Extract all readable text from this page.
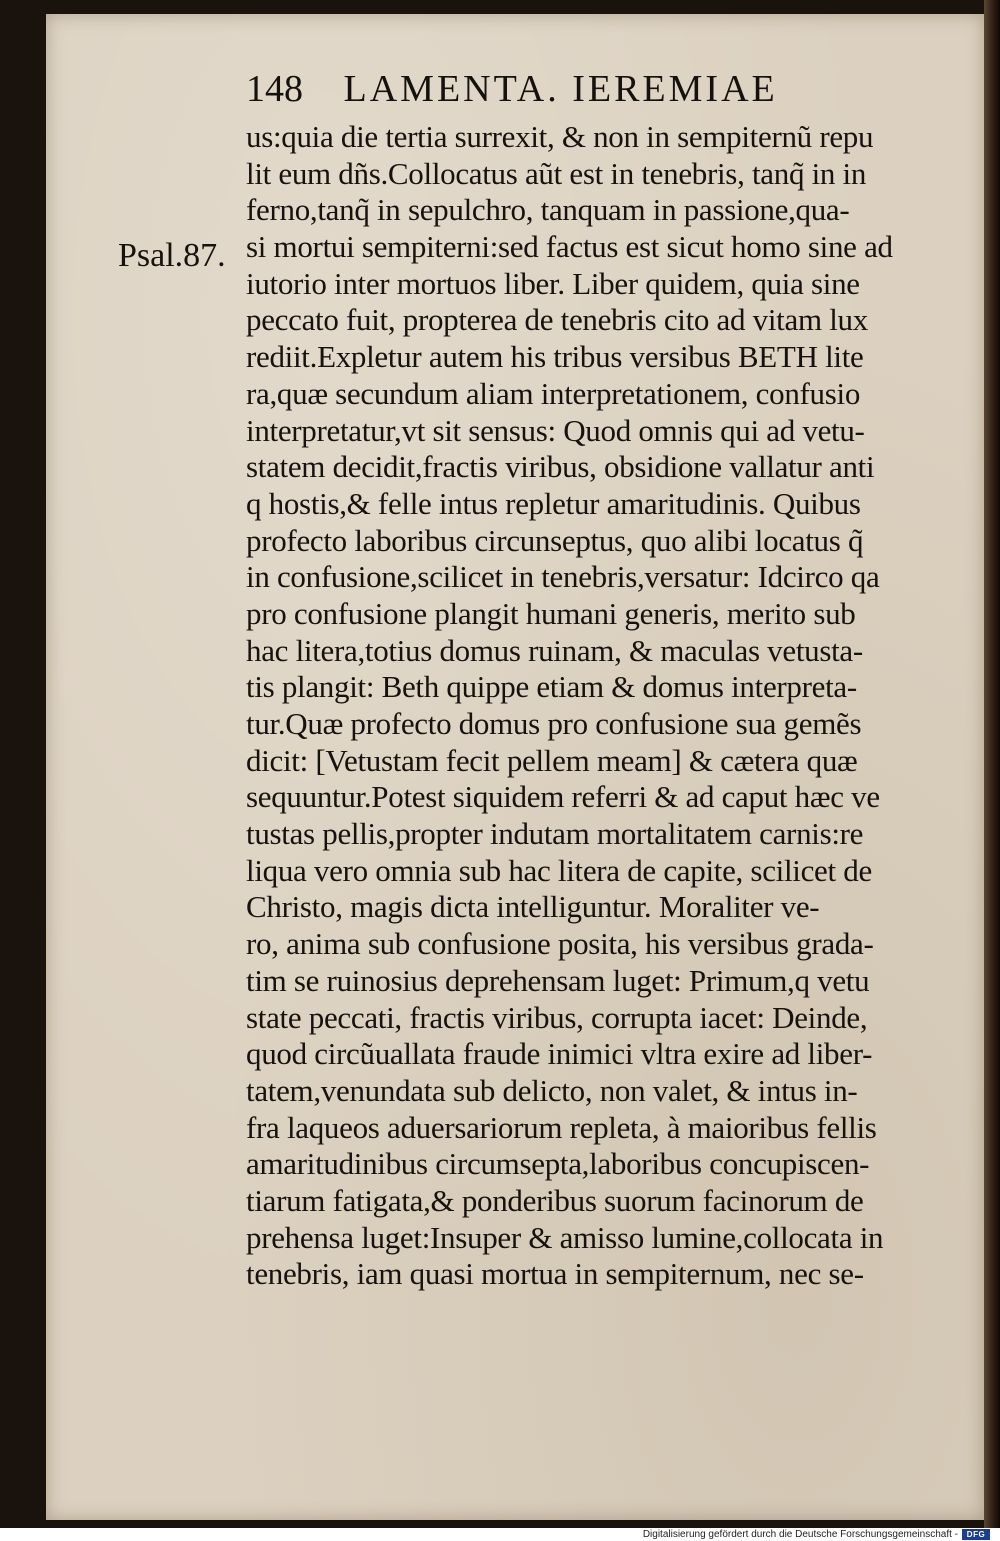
148 LAMENTA. IEREMIAE
Psal.87.
us:quia die tertia surrexit, & non in sempiternũ repu
lit eum dñs.Collocatus aũt est in tenebris, tanq̃ in in
ferno,tanq̃ in sepulchro, tanquam in passione,qua-
si mortui sempiterni:sed factus est sicut homo sine ad
iutorio inter mortuos liber. Liber quidem, quia sine
peccato fuit, propterea de tenebris cito ad vitam lux
rediit.Expletur autem his tribus versibus BETH lite
ra,quæ secundum aliam interpretationem, confusio
interpretatur,vt sit sensus: Quod omnis qui ad vetu-
statem decidit,fractis viribus, obsidione vallatur anti
q hostis,& felle intus repletur amaritudinis. Quibus
profecto laboribus circunseptus, quo alibi locatus q̃
in confusione,scilicet in tenebris,versatur: Idcirco qa
pro confusione plangit humani generis, merito sub
hac litera,totius domus ruinam, & maculas vetusta-
tis plangit: Beth quippe etiam & domus interpreta-
tur.Quæ profecto domus pro confusione sua gemẽs
dicit: [Vetustam fecit pellem meam] & cætera quæ
sequuntur.Potest siquidem referri & ad caput hæc ve
tustas pellis,propter indutam mortalitatem carnis:re
liqua vero omnia sub hac litera de capite, scilicet de
Christo, magis dicta intelliguntur. Moraliter ve-
ro, anima sub confusione posita, his versibus grada-
tim se ruinosius deprehensam luget: Primum,q vetu
state peccati, fractis viribus, corrupta iacet: Deinde,
quod circũuallata fraude inimici vltra exire ad liber-
tatem,venundata sub delicto, non valet, & intus in-
fra laqueos aduersariorum repleta, à maioribus fellis
amaritudinibus circumsepta,laboribus concupiscen-
tiarum fatigata,& ponderibus suorum facinorum de
prehensa luget:Insuper & amisso lumine,collocata in
tenebris, iam quasi mortua in sempiternum, nec se-
Digitalisierung gefördert durch die Deutsche Forschungsgemeinschaft -	DFG
